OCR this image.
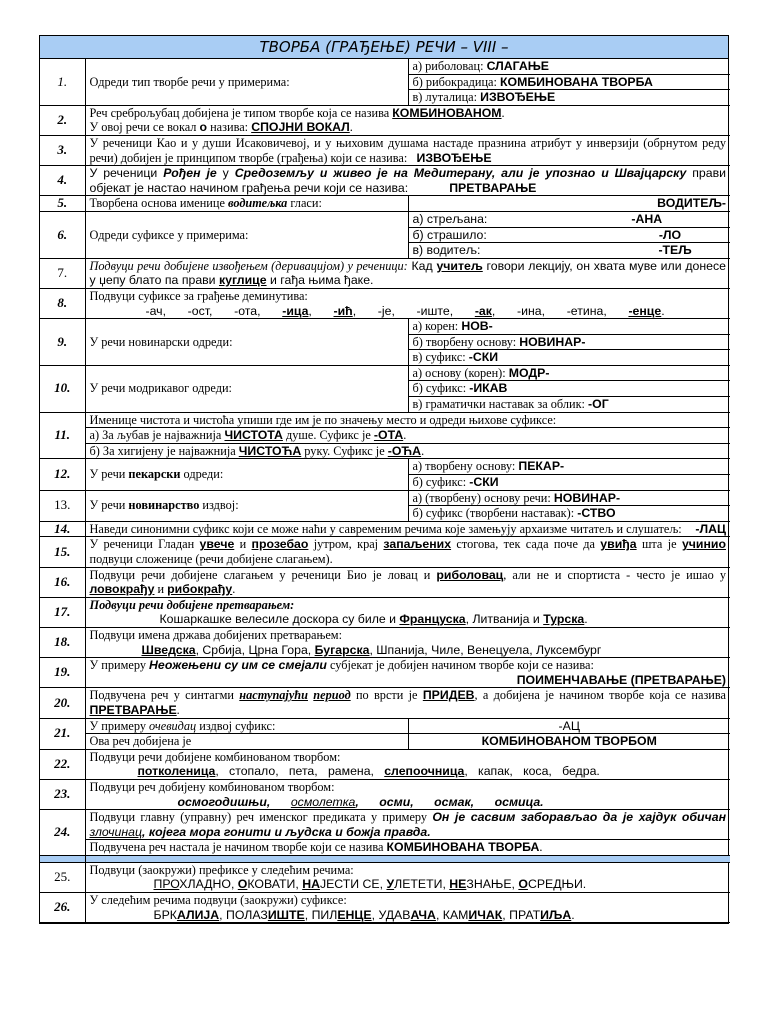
ТВОРБА (ГРАЂЕЊЕ) РЕЧИ – VIII –
1.	Одреди тип творбе речи у примерима:	а) риболовац: СЛАГАЊЕ
		б) рибокрадица: КОМБИНОВАНА ТВОРБА
		в) луталица: ИЗВОЂЕЊЕ
2.	Реч среброљубац добијена је типом творбе која се назива КОМБИНОВАНОМ.
У овој речи се вокал о назива: СПОЈНИ ВОКАЛ.	
3.	У реченици Као и у души Исаковичевој, и у њиховим душама настаде празнина атрибут у инверзији (обрнутом реду речи) добијен је принципом творбе (грађења) који се назива: ИЗВОЂЕЊЕ	
4.	У реченици Рођен је у Средоземљу и живео је на Медитерану, али је упознао и Швајцарску прави објекат је настао начином грађења речи који се назива: ПРЕТВАРАЊЕ	
5.	Творбена основа именице водитељка гласи:	ВОДИТЕЉ-

6.	Одреди суфиксе у примерима:	а) стрељана: -АНА
		б) страшило: -ЛО
		в) водитељ: -ТЕЉ
7.	Подвуци речи добијене извођењем (деривацијом) у реченици: Кад учитељ говори лекцију, он хвата муве или донесе у џепу блато па прави куглице и гађа њима ђаке.	
8.	Подвуци суфиксе за грађење деминутива:
-ач, -ост, -ота, -ица, -ић, -је, -иште, -ак, -ина, -етина, -енце.	
9.	У речи новинарски одреди:	а) корен: НОВ-
		б) творбену основу: НОВИНАР-
		в) суфикс: -СКИ
10.	У речи модрикавог одреди:	а) основу (корен): МОДР-
		б) суфикс: -ИКАВ
		в) граматички наставак за облик: -ОГ
11.	Именице чистота и чистоћа упиши где им је по значењу место и одреди њихове суфиксе:	
	а) За љубав је најважнија ЧИСТОТА душе. Суфикс је -ОТА.	
	б) За хигијену је најважнија ЧИСТОЋА руку. Суфикс је -ОЋА.	
12.	У речи пекарски одреди:	а) творбену основу: ПЕКАР-
		б) суфикс: -СКИ
13.	У речи новинарство издвој:	а) (творбену) основу речи: НОВИНАР-
		б) суфикс (творбени наставак): -СТВО
14.	Наведи синонимни суфикс који се може наћи у савременим речима које замењују архаизме читатељ и слушатељ: -ЛАЦ	

15.	У реченици Гладан увече и прозебао јутром, крај запаљених стогова, тек сада поче да увиђа шта је учинио подвуци сложенице (речи добијене слагањем).	
16.	Подвуци речи добијене слагањем у реченици Био је ловац и риболовац, али не и спортиста - често је ишао у ловокрађу и рибокрађу.	
17.	Подвуци речи добијене претварањем:
Кошаркашке велесиле доскора су биле и Француска, Литванија и Турска.	
18.	Подвуци имена држава добијених претварањем:
Шведска, Србија, Црна Гора, Бугарска, Шпанија, Чиле, Венецуела, Луксембург	
19.	У примеру Неожењени су им се смејали субјекат је добијен начином творбе који се назива:

ПОИМЕНЧАВАЊЕ (ПРЕТВАРАЊЕ)	

20.	Подвучена реч у синтагми наступајући период по врсти је ПРИДЕВ, а добијена је начином творбе која се назива ПРЕТВАРАЊЕ.	
21.	У примеру очевидац издвој суфикс:	-АЦ
	Ова реч добијена је	КОМБИНОВАНОМ ТВОРБОМ
22.	Подвуци речи добијене комбинованом творбом:
потколеница,   стопало,   пета,   рамена,   слепоочница,   капак,   коса,   бедра.	
23.	Подвуци реч добијену комбинованом творбом:
осмогодишњи, осмолетка, осми, осмак, осмица.	
24.	Подвуци главну (управну) реч именског предиката у примеру Он је сасвим заборављао да је хајдук обичан злочинац, којега мора гонити и људска и божја правда.	
	Подвучена реч настала је начином творбе који се назива КОМБИНОВАНА ТВОРБА.	

25.	Подвуци (заокружи) префиксе у следећим речима:
ПРОХЛАДНО, ОКОВАТИ, НАЈЕСТИ СЕ, УЛЕТЕТИ, НЕЗНАЊЕ, ОСРЕДЊИ.	
26.	У следећим речима подвуци (заокружи) суфиксе:
БРКАЛИЈА, ПОЛАЗИШТЕ, ПИЛЕНЦЕ, УДАВАЧА, КАМИЧАК, ПРАТИЉА.	
